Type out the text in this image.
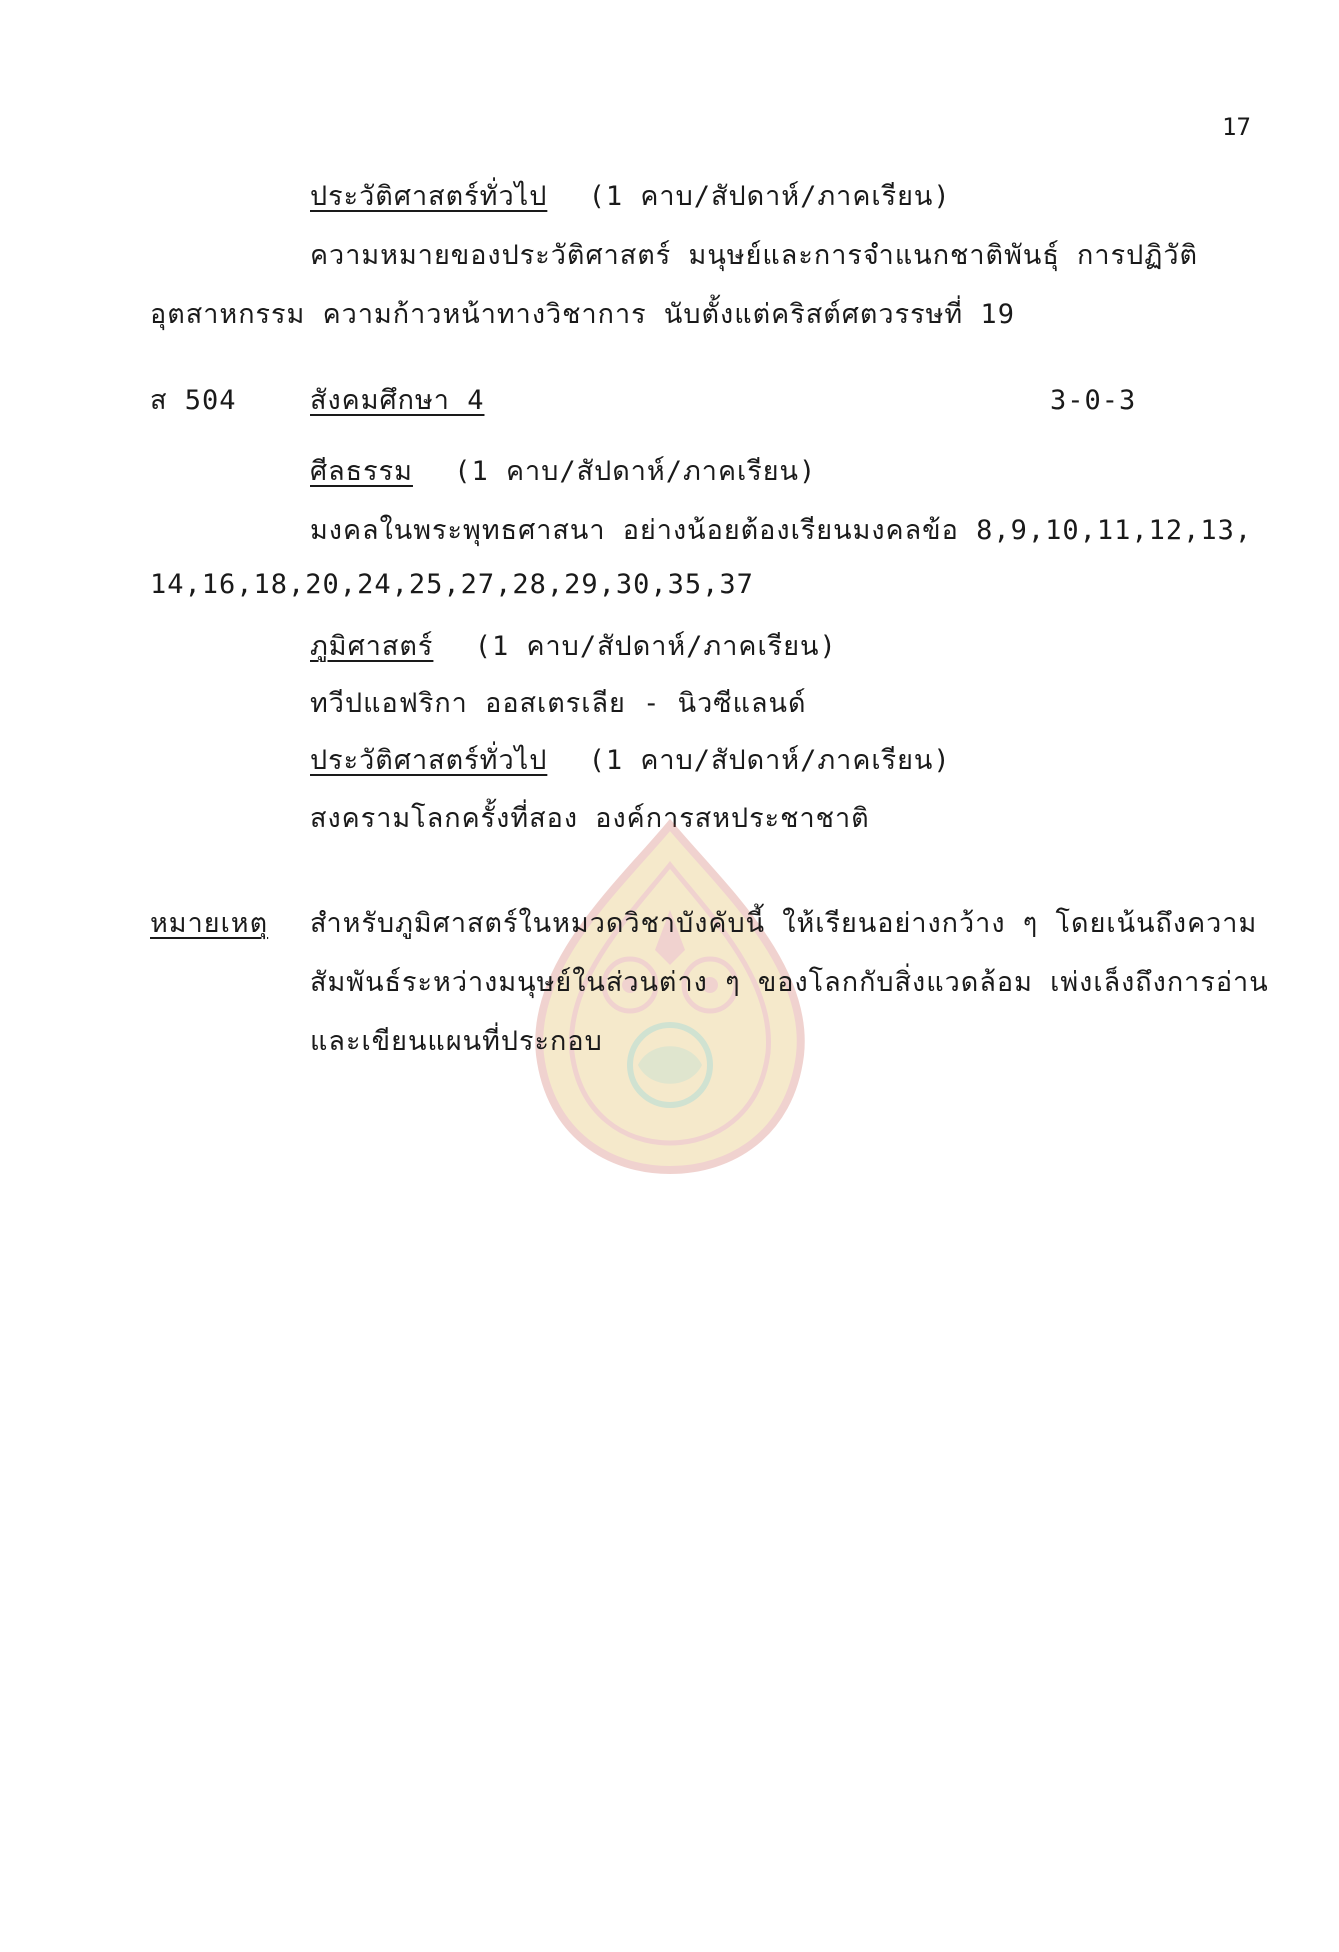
17
ประวัติศาสตร์ทั่วไป (1 คาบ/สัปดาห์/ภาคเรียน)
ความหมายของประวัติศาสตร์ มนุษย์และการจำแนกชาติพันธุ์ การปฏิวัติ
อุตสาหกรรม ความก้าวหน้าทางวิชาการ นับตั้งแต่คริสต์ศตวรรษที่ 19
ส 504	สังคมศึกษา 4	3-0-3
ศีลธรรม (1 คาบ/สัปดาห์/ภาคเรียน)
มงคลในพระพุทธศาสนา อย่างน้อยต้องเรียนมงคลข้อ 8,9,10,11,12,13,
14,16,18,20,24,25,27,28,29,30,35,37
ภูมิศาสตร์ (1 คาบ/สัปดาห์/ภาคเรียน)
ทวีปแอฟริกา ออสเตรเลีย - นิวซีแลนด์
ประวัติศาสตร์ทั่วไป (1 คาบ/สัปดาห์/ภาคเรียน)
สงครามโลกครั้งที่สอง องค์การสหประชาชาติ
หมายเหตุ สำหรับภูมิศาสตร์ในหมวดวิชาบังคับนี้ ให้เรียนอย่างกว้าง ๆ โดยเน้นถึงความ
สัมพันธ์ระหว่างมนุษย์ในส่วนต่าง ๆ ของโลกกับสิ่งแวดล้อม เพ่งเล็งถึงการอ่าน
และเขียนแผนที่ประกอบ
